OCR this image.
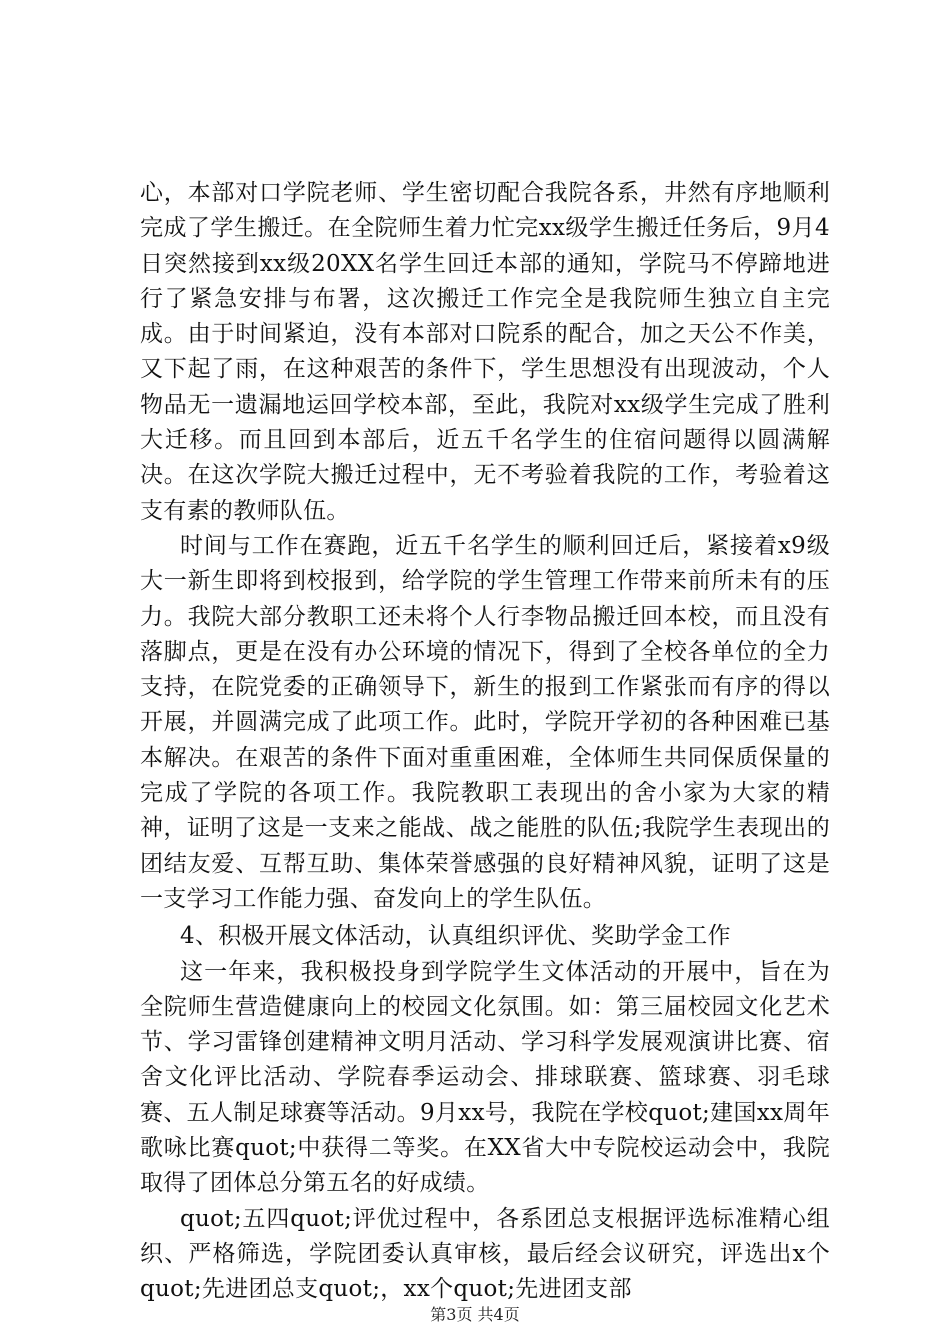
心，本部对口学院老师、学生密切配合我院各系，井然有序地顺利完成了学生搬迁。在全院师生着力忙完xx级学生搬迁任务后，9月4日突然接到xx级20XX名学生回迁本部的通知，学院马不停蹄地进行了紧急安排与布署，这次搬迁工作完全是我院师生独立自主完成。由于时间紧迫，没有本部对口院系的配合，加之天公不作美，又下起了雨，在这种艰苦的条件下，学生思想没有出现波动，个人物品无一遗漏地运回学校本部，至此，我院对xx级学生完成了胜利大迁移。而且回到本部后，近五千名学生的住宿问题得以圆满解决。在这次学院大搬迁过程中，无不考验着我院的工作，考验着这支有素的教师队伍。

时间与工作在赛跑，近五千名学生的顺利回迁后，紧接着x9级大一新生即将到校报到，给学院的学生管理工作带来前所未有的压力。我院大部分教职工还未将个人行李物品搬迁回本校，而且没有落脚点，更是在没有办公环境的情况下，得到了全校各单位的全力支持，在院党委的正确领导下，新生的报到工作紧张而有序的得以开展，并圆满完成了此项工作。此时，学院开学初的各种困难已基本解决。在艰苦的条件下面对重重困难，全体师生共同保质保量的完成了学院的各项工作。我院教职工表现出的舍小家为大家的精神，证明了这是一支来之能战、战之能胜的队伍;我院学生表现出的团结友爱、互帮互助、集体荣誉感强的良好精神风貌，证明了这是一支学习工作能力强、奋发向上的学生队伍。

4、积极开展文体活动，认真组织评优、奖助学金工作

这一年来，我积极投身到学院学生文体活动的开展中，旨在为全院师生营造健康向上的校园文化氛围。如：第三届校园文化艺术节、学习雷锋创建精神文明月活动、学习科学发展观演讲比赛、宿舍文化评比活动、学院春季运动会、排球联赛、篮球赛、羽毛球赛、五人制足球赛等活动。9月xx号，我院在学校quot;建国xx周年歌咏比赛quot;中获得二等奖。在XX省大中专院校运动会中，我院取得了团体总分第五名的好成绩。

quot;五四quot;评优过程中，各系团总支根据评选标准精心组织、严格筛选，学院团委认真审核，最后经会议研究，评选出x个quot;先进团总支quot;，xx个quot;先进团支部

第3页 共4页
